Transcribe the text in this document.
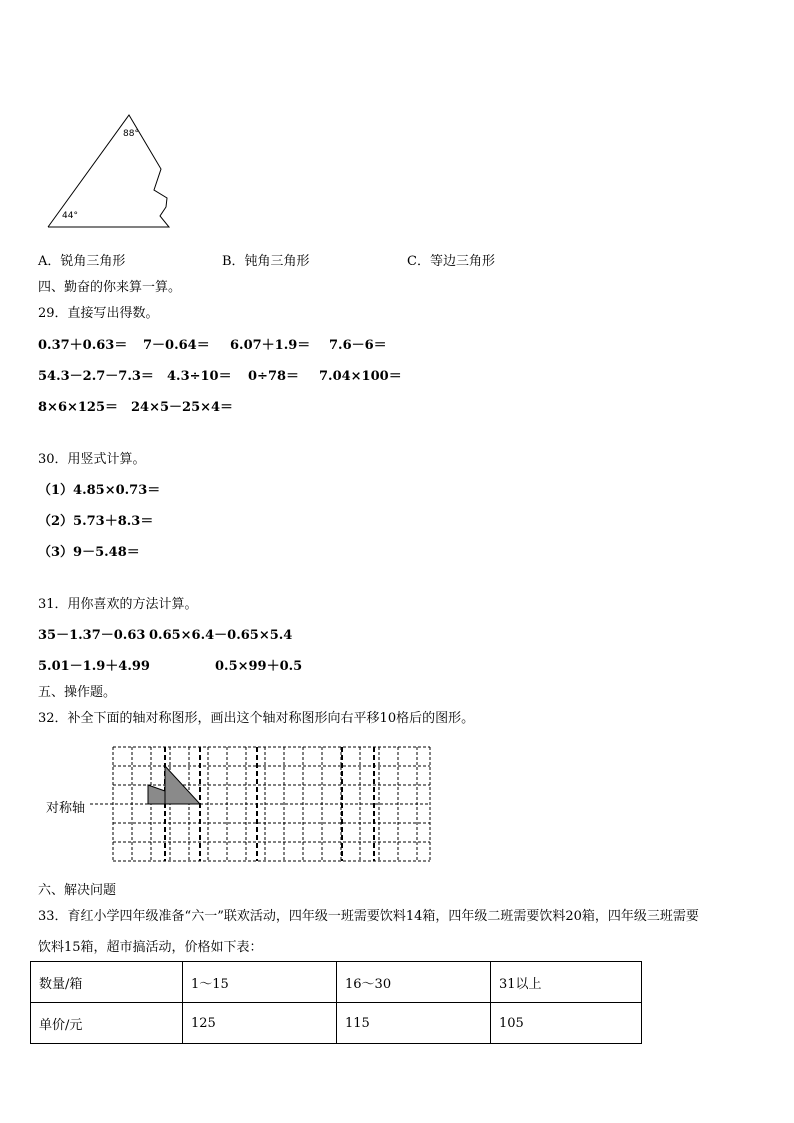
88°
44°
A．锐角三角形	B．钝角三角形	C．等边三角形
四、勤奋的你来算一算。
29．直接写出得数。
0.37＋0.63＝ 7－0.64＝ 6.07＋1.9＝ 7.6－6＝
54.3－2.7－7.3＝ 4.3÷10＝ 0÷78＝ 7.04×100＝
8×6×125＝ 24×5－25×4＝
30．用竖式计算。
（1）4.85×0.73＝
（2）5.73＋8.3＝
（3）9－5.48＝
31．用你喜欢的方法计算。
35－1.37－0.63 0.65×6.4－0.65×5.4
5.01－1.9＋4.99	0.5×99＋0.5
五、操作题。
32．补全下面的轴对称图形，画出这个轴对称图形向右平移10格后的图形。
对称轴
六、解决问题
33．育红小学四年级准备“六一”联欢活动，四年级一班需要饮料14箱，四年级二班需要饮料20箱，四年级三班需要
饮料15箱，超市搞活动，价格如下表：
数量/箱	1～15	16～30	31以上
单价/元	125	115	105
